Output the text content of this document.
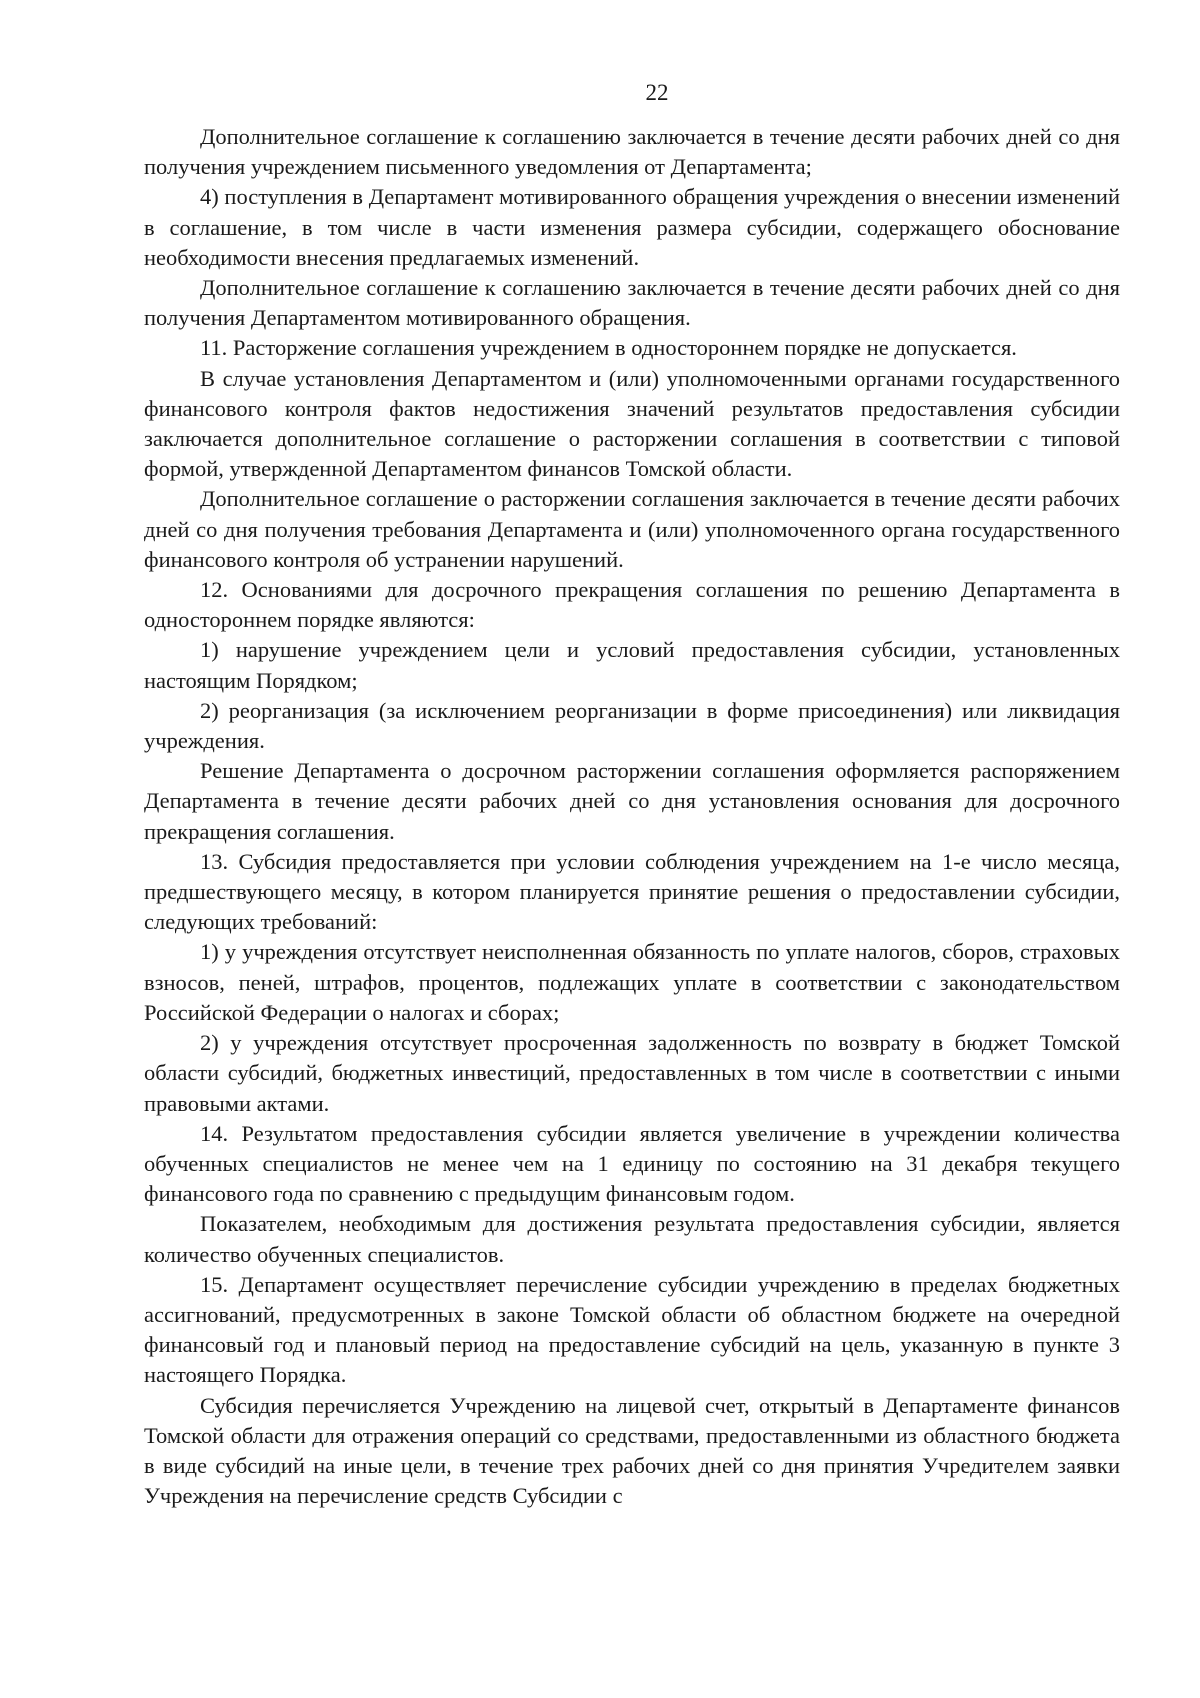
22

Дополнительное соглашение к соглашению заключается в течение десяти рабочих дней со дня получения учреждением письменного уведомления от Департамента;

4) поступления в Департамент мотивированного обращения учреждения о внесении изменений в соглашение, в том числе в части изменения размера субсидии, содержащего обоснование необходимости внесения предлагаемых изменений.

Дополнительное соглашение к соглашению заключается в течение десяти рабочих дней со дня получения Департаментом мотивированного обращения.

11. Расторжение соглашения учреждением в одностороннем порядке не допускается.

В случае установления Департаментом и (или) уполномоченными органами государственного финансового контроля фактов недостижения значений результатов предоставления субсидии заключается дополнительное соглашение о расторжении соглашения в соответствии с типовой формой, утвержденной Департаментом финансов Томской области.

Дополнительное соглашение о расторжении соглашения заключается в течение десяти рабочих дней со дня получения требования Департамента и (или) уполномоченного органа государственного финансового контроля об устранении нарушений.

12. Основаниями для досрочного прекращения соглашения по решению Департамента в одностороннем порядке являются:

1) нарушение учреждением цели и условий предоставления субсидии, установленных настоящим Порядком;

2) реорганизация (за исключением реорганизации в форме присоединения) или ликвидация учреждения.

Решение Департамента о досрочном расторжении соглашения оформляется распоряжением Департамента в течение десяти рабочих дней со дня установления основания для досрочного прекращения соглашения.

13. Субсидия предоставляется при условии соблюдения учреждением на 1-е число месяца, предшествующего месяцу, в котором планируется принятие решения о предоставлении субсидии, следующих требований:

1) у учреждения отсутствует неисполненная обязанность по уплате налогов, сборов, страховых взносов, пеней, штрафов, процентов, подлежащих уплате в соответствии с законодательством Российской Федерации о налогах и сборах;

2) у учреждения отсутствует просроченная задолженность по возврату в бюджет Томской области субсидий, бюджетных инвестиций, предоставленных в том числе в соответствии с иными правовыми актами.

14. Результатом предоставления субсидии является увеличение в учреждении количества обученных специалистов не менее чем на 1 единицу по состоянию на 31 декабря текущего финансового года по сравнению с предыдущим финансовым годом.

Показателем, необходимым для достижения результата предоставления субсидии, является количество обученных специалистов.

15. Департамент осуществляет перечисление субсидии учреждению в пределах бюджетных ассигнований, предусмотренных в законе Томской области об областном бюджете на очередной финансовый год и плановый период на предоставление субсидий на цель, указанную в пункте 3 настоящего Порядка.

Субсидия перечисляется Учреждению на лицевой счет, открытый в Департаменте финансов Томской области для отражения операций со средствами, предоставленными из областного бюджета в виде субсидий на иные цели, в течение трех рабочих дней со дня принятия Учредителем заявки Учреждения на перечисление средств Субсидии с
